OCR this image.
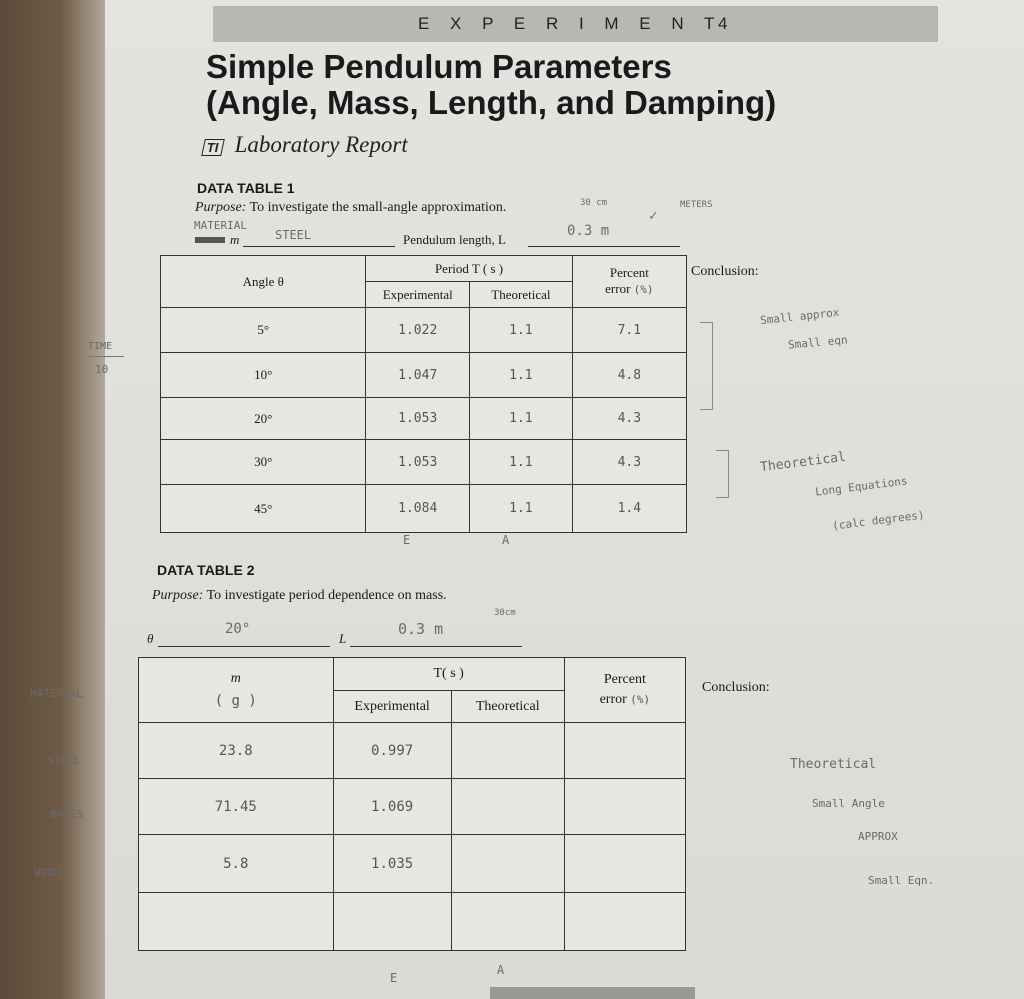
E X P E R I M E N T
4
Simple Pendulum Parameters
(Angle, Mass, Length, and Damping)
TI Laboratory Report
DATA TABLE 1
Purpose: To investigate the small-angle approximation.
MATERIAL
m	STEEL	Pendulum length, L
0.3 m
30 cm
✓
METERS
Angle θ	Period T ( s )		Percent
error (%)
	Experimental	Theoretical	
5°	1.022	1.1	7.1
10°	1.047	1.1	4.8
20°	1.053	1.1	4.3
30°	1.053	1.1	4.3
45°	1.084	1.1	1.4
E	A
Conclusion:
TIME
10
Small approx
Small eqn
Theoretical
Long Equations
(calc degrees)
DATA TABLE 2
Purpose: To investigate period dependence on mass.
30cm
θ
20°
L
0.3 m
m
( g )	T( s )		Percent
error (%)
	Experimental	Theoretical	
23.8	0.997		
71.45	1.069		
5.8	1.035		

E
A
Conclusion:
MATERIAL
STEEL
BRASS
WOOD
Theoretical
Small Angle
APPROX
Small Eqn.
